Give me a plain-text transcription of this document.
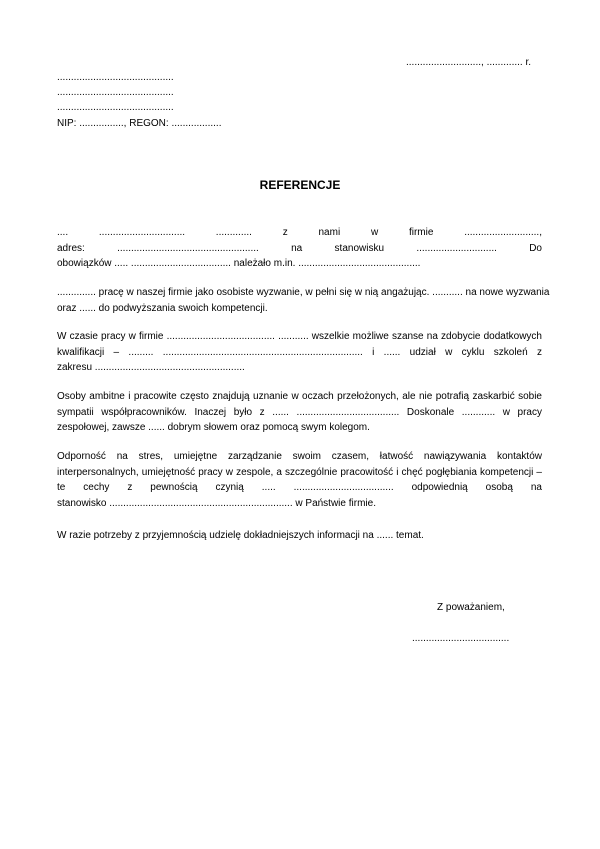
..........................., ............. r.
..........................................
..........................................
..........................................
NIP: ................, REGON: ..................
REFERENCJE
.... ............................... ............. z nami w firmie ...........................,
adres: ................................................... na stanowisku ............................. Do
obowiązków ..... .................................... należało m.in. ............................................
.............. pracę w naszej firmie jako osobiste wyzwanie, w pełni się w nią angażując. ........... na nowe wyzwania
oraz ...... do podwyższania swoich kompetencji.
W czasie pracy w firmie ....................................... ........... wszelkie możliwe szanse na zdobycie dodatkowych
kwalifikacji – ......... ........................................................................ i ...... udział w cyklu szkoleń z
zakresu ......................................................
Osoby ambitne i pracowite często znajdują uznanie w oczach przełożonych, ale nie potrafią zaskarbić sobie
sympatii współpracowników. Inaczej było z ...... ..................................... Doskonale ............ w pracy
zespołowej, zawsze ...... dobrym słowem oraz pomocą swym kolegom.
Odporność na stres, umiejętne zarządzanie swoim czasem, łatwość nawiązywania kontaktów
interpersonalnych, umiejętność pracy w zespole, a szczególnie pracowitość i chęć pogłębiania kompetencji –
te cechy z pewnością czynią ..... .................................... odpowiednią osobą na
stanowisko .................................................................. w Państwie firmie.
W razie potrzeby z przyjemnością udzielę dokładniejszych informacji na ...... temat.
Z poważaniem,
...................................
